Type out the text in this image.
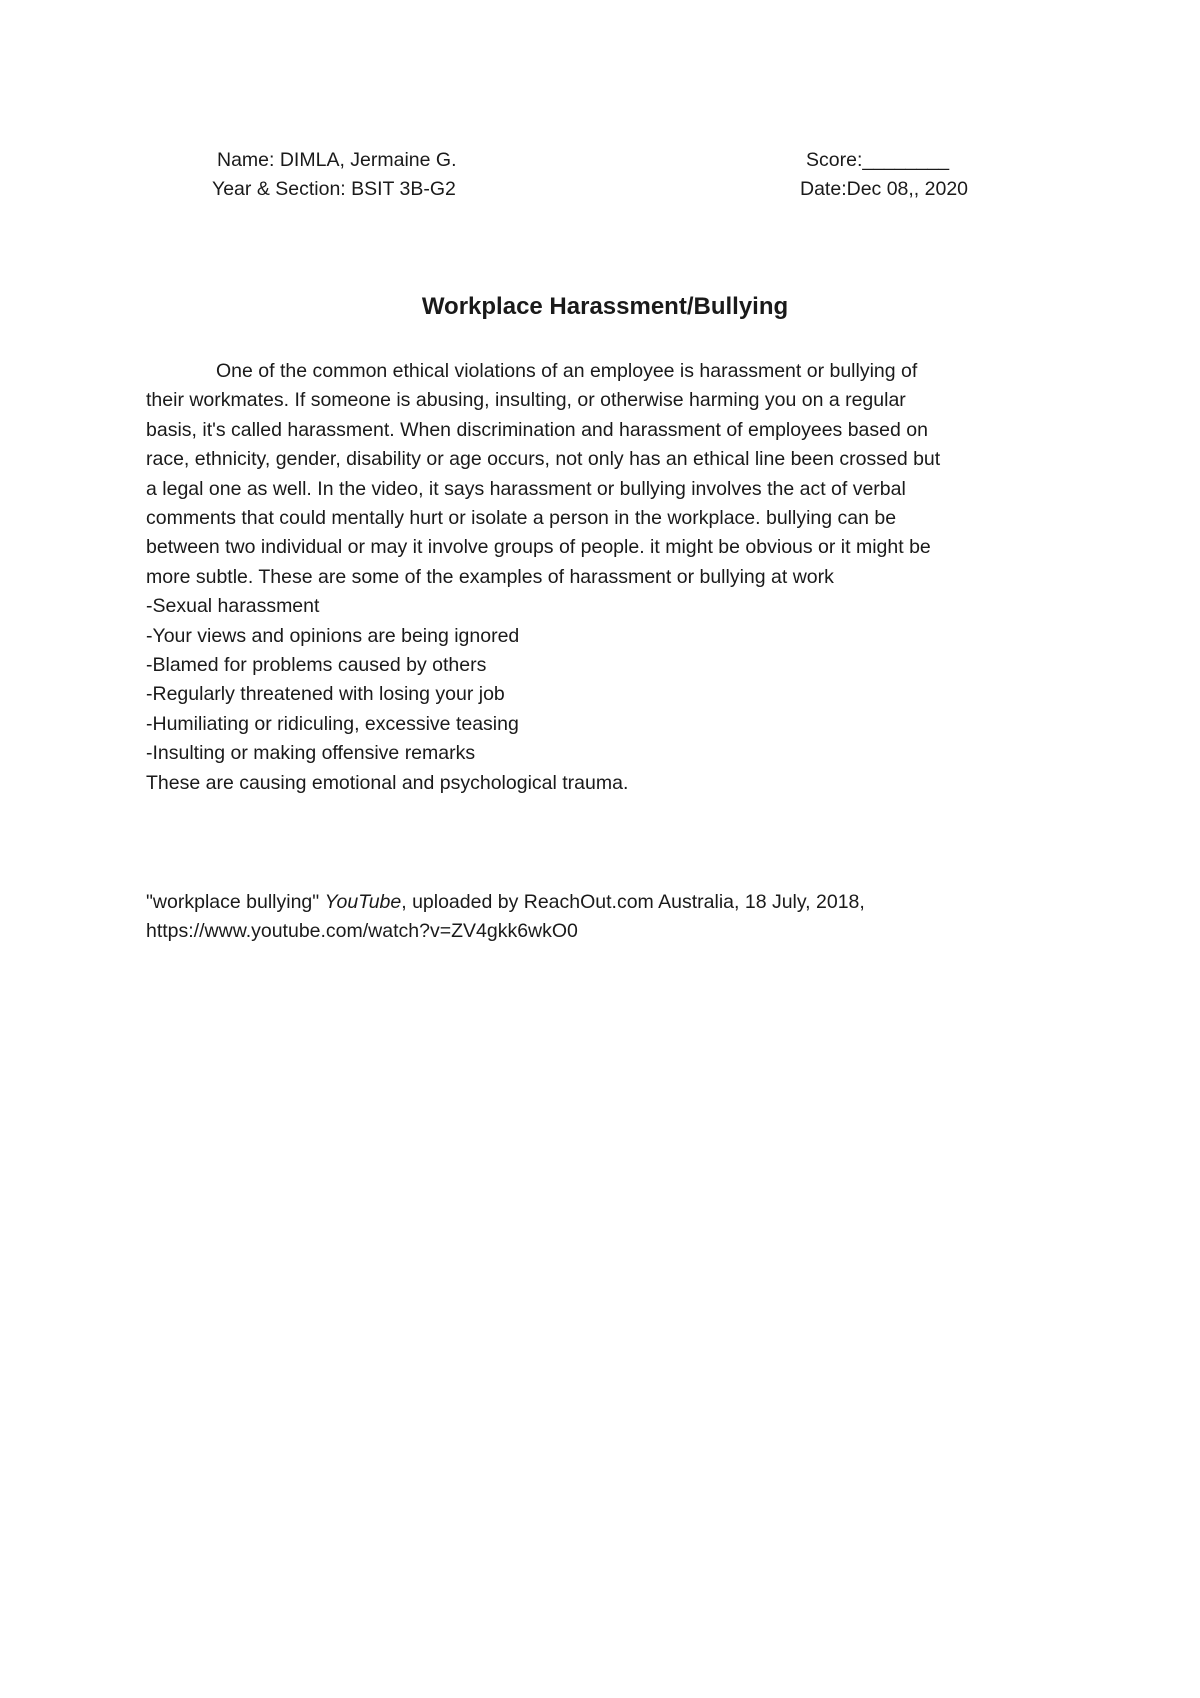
Name: DIMLA, Jermaine G.
Year & Section: BSIT 3B-G2
Score:________
Date:Dec 08,, 2020
Workplace Harassment/Bullying

One of the common ethical violations of an employee is harassment or bullying of

their workmates. If someone is abusing, insulting, or otherwise harming you on a regular

basis, it's called harassment. When discrimination and harassment of employees based on

race, ethnicity, gender, disability or age occurs, not only has an ethical line been crossed but

a legal one as well. In the video, it says harassment or bullying involves the act of verbal

comments that could mentally hurt or isolate a person in the workplace. bullying can be

between two individual or may it involve groups of people. it might be obvious or it might be

more subtle. These are some of the examples of harassment or bullying at work

-Sexual harassment
-Your views and opinions are being ignored
-Blamed for problems caused by others
-Regularly threatened with losing your job
-Humiliating or ridiculing, excessive teasing
-Insulting or making offensive remarks

These are causing emotional and psychological trauma.

"workplace bullying" YouTube, uploaded by ReachOut.com Australia, 18 July, 2018,

https://www.youtube.com/watch?v=ZV4gkk6wkO0
